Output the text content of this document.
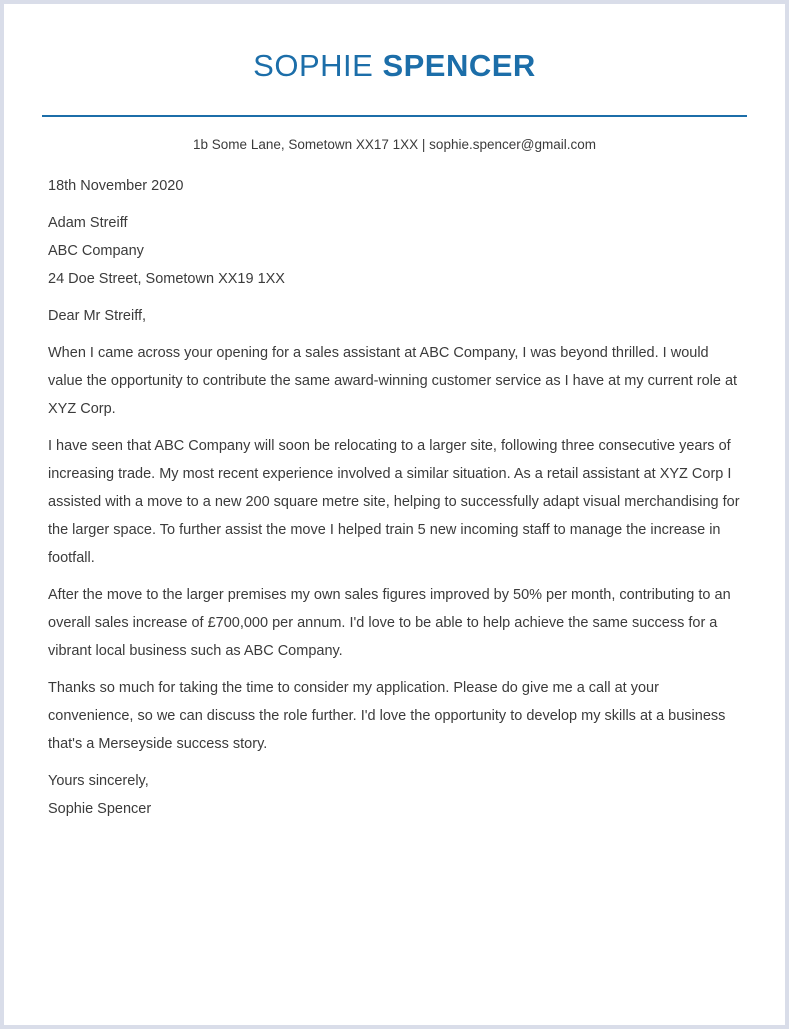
SOPHIE SPENCER
1b Some Lane, Sometown XX17 1XX | sophie.spencer@gmail.com

18th November 2020

Adam Streiff

ABC Company

24 Doe Street, Sometown XX19 1XX

Dear Mr Streiff,

When I came across your opening for a sales assistant at ABC Company, I was beyond thrilled. I would value the opportunity to contribute the same award-winning customer service as I have at my current role at XYZ Corp.

I have seen that ABC Company will soon be relocating to a larger site, following three consecutive years of increasing trade. My most recent experience involved a similar situation. As a retail assistant at XYZ Corp I assisted with a move to a new 200 square metre site, helping to successfully adapt visual merchandising for the larger space. To further assist the move I helped train 5 new incoming staff to manage the increase in footfall.

After the move to the larger premises my own sales figures improved by 50% per month, contributing to an overall sales increase of £700,000 per annum. I'd love to be able to help achieve the same success for a vibrant local business such as ABC Company.

Thanks so much for taking the time to consider my application. Please do give me a call at your convenience, so we can discuss the role further. I'd love the opportunity to develop my skills at a business that's a Merseyside success story.

Yours sincerely,

Sophie Spencer
